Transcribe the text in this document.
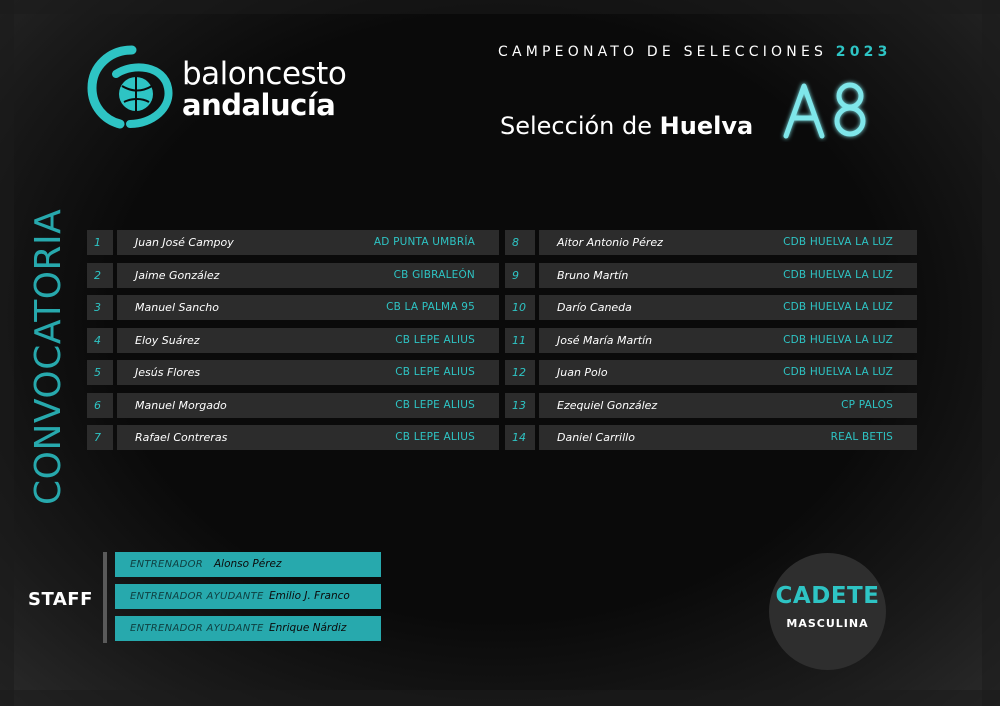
baloncesto
andalucía
CAMPEONATO DE SELECCIONES 2023
Selección de Huelva
CONVOCATORIA	1	Juan José Campoy	AD PUNTA UMBRÍA
2	Jaime González	CB GIBRALEÓN
3	Manuel Sancho	CB LA PALMA 95
4	Eloy Suárez	CB LEPE ALIUS
5	Jesús Flores	CB LEPE ALIUS
6	Manuel Morgado	CB LEPE ALIUS
7	Rafael Contreras	CB LEPE ALIUS
8	Aitor Antonio Pérez	CDB HUELVA LA LUZ
9	Bruno Martín	CDB HUELVA LA LUZ
10	Darío Caneda	CDB HUELVA LA LUZ
11	José María Martín	CDB HUELVA LA LUZ
12	Juan Polo	CDB HUELVA LA LUZ
13	Ezequiel González	CP PALOS
14	Daniel Carrillo	REAL BETIS
STAFF
ENTRENADOR Alonso Pérez
ENTRENADOR AYUDANTE Emilio J. Franco
ENTRENADOR AYUDANTE Enrique Nárdiz
CADETE
MASCULINA
